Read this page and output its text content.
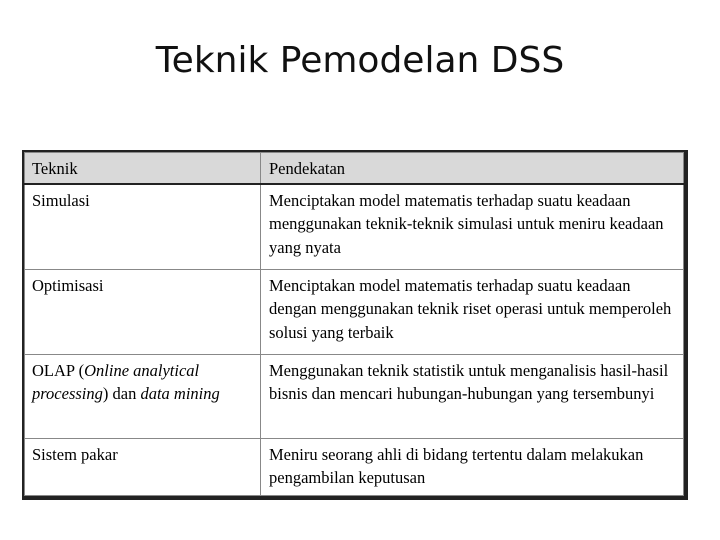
Teknik Pemodelan DSS
Teknik	Pendekatan
Simulasi	Menciptakan model matematis terhadap suatu keadaan menggunakan teknik-teknik simulasi untuk meniru keadaan yang nyata
Optimisasi	Menciptakan model matematis terhadap suatu keadaan dengan menggunakan teknik riset operasi untuk memperoleh solusi yang terbaik
OLAP (Online analytical processing) dan data mining	Menggunakan teknik statistik untuk menganalisis hasil-hasil bisnis dan mencari hubungan-hubungan yang tersembunyi
Sistem pakar	Meniru seorang ahli di bidang tertentu dalam melakukan pengambilan keputusan
